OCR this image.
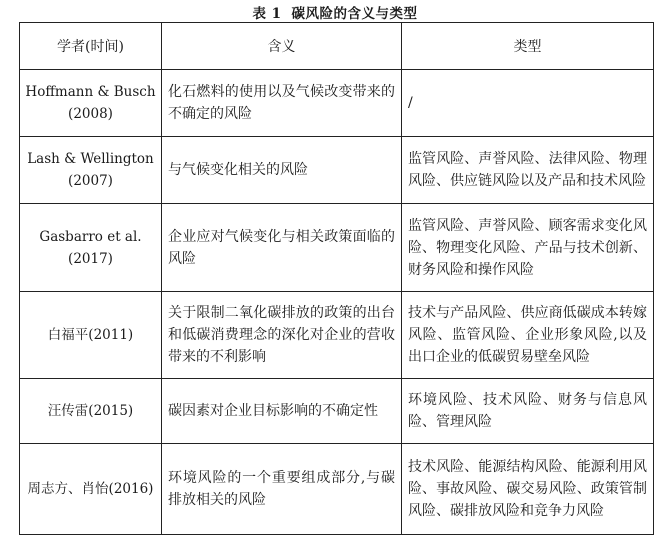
表 1 碳风险的含义与类型
学者(时间)	含义	类型

Hoffmann & Busch
(2008)	化石燃料的使用以及气候改变带来的不确定的风险	/

Lash & Wellington
(2007)	与气候变化相关的风险	监管风险、声誉风险、法律风险、物理风险、供应链风险以及产品和技术风险

Gasbarro et al.(2017)	企业应对气候变化与相关政策面临的风险	监管风险、声誉风险、顾客需求变化风险、物理变化风险、产品与技术创新、财务风险和操作风险

白福平(2011)	关于限制二氧化碳排放的政策的出台和低碳消费理念的深化对企业的营收带来的不利影响	技术与产品风险、供应商低碳成本转嫁风险、监管风险、企业形象风险,以及出口企业的低碳贸易壁垒风险

汪传雷(2015)	碳因素对企业目标影响的不确定性	环境风险、技术风险、财务与信息风险、管理风险

周志方、肖怡(2016)	环境风险的一个重要组成部分,与碳排放相关的风险	技术风险、能源结构风险、能源利用风险、事故风险、碳交易风险、政策管制风险、碳排放风险和竞争力风险
